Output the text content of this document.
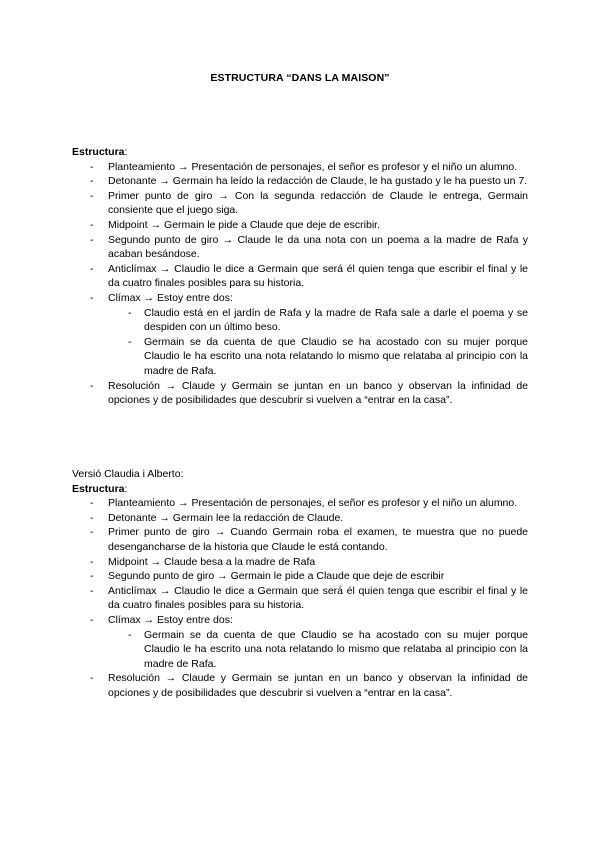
ESTRUCTURA “DANS LA MAISON”

Estructura:

- Planteamiento → Presentación de personajes, el señor es profesor y el niño un alumno.
- Detonante → Germain ha leído la redacción de Claude, le ha gustado y le ha puesto un 7.
- Primer punto de giro → Con la segunda redacción de Claude le entrega, Germain consiente que el juego siga.
- Midpoint → Germain le pide a Claude que deje de escribir.
- Segundo punto de giro → Claude le da una nota con un poema a la madre de Rafa y acaban besándose.
- Anticlímax → Claudio le dice a Germain que será él quien tenga que escribir el final y le da cuatro finales posibles para su historia.
- Clímax → Estoy entre dos:
- Claudio está en el jardín de Rafa y la madre de Rafa sale a darle el poema y se despiden con un último beso.
- Germain se da cuenta de que Claudio se ha acostado con su mujer porque Claudio le ha escrito una nota relatando lo mismo que relataba al principio con la madre de Rafa.
- Resolución → Claude y Germain se juntan en un banco y observan la infinidad de opciones y de posibilidades que descubrir si vuelven a “entrar en la casa”.

Versió Claudia i Alberto:

Estructura:

- Planteamiento → Presentación de personajes, el señor es profesor y el niño un alumno.
- Detonante → Germain lee la redacción de Claude.
- Primer punto de giro → Cuando Germain roba el examen, te muestra que no puede desengancharse de la historia que Claude le está contando.
- Midpoint → Claude besa a la madre de Rafa
- Segundo punto de giro → Germain le pide a Claude que deje de escribir
- Anticlímax → Claudio le dice a Germain que será él quien tenga que escribir el final y le da cuatro finales posibles para su historia.
- Clímax → Estoy entre dos:
- Germain se da cuenta de que Claudio se ha acostado con su mujer porque Claudio le ha escrito una nota relatando lo mismo que relataba al principio con la madre de Rafa.
- Resolución → Claude y Germain se juntan en un banco y observan la infinidad de opciones y de posibilidades que descubrir si vuelven a “entrar en la casa”.
